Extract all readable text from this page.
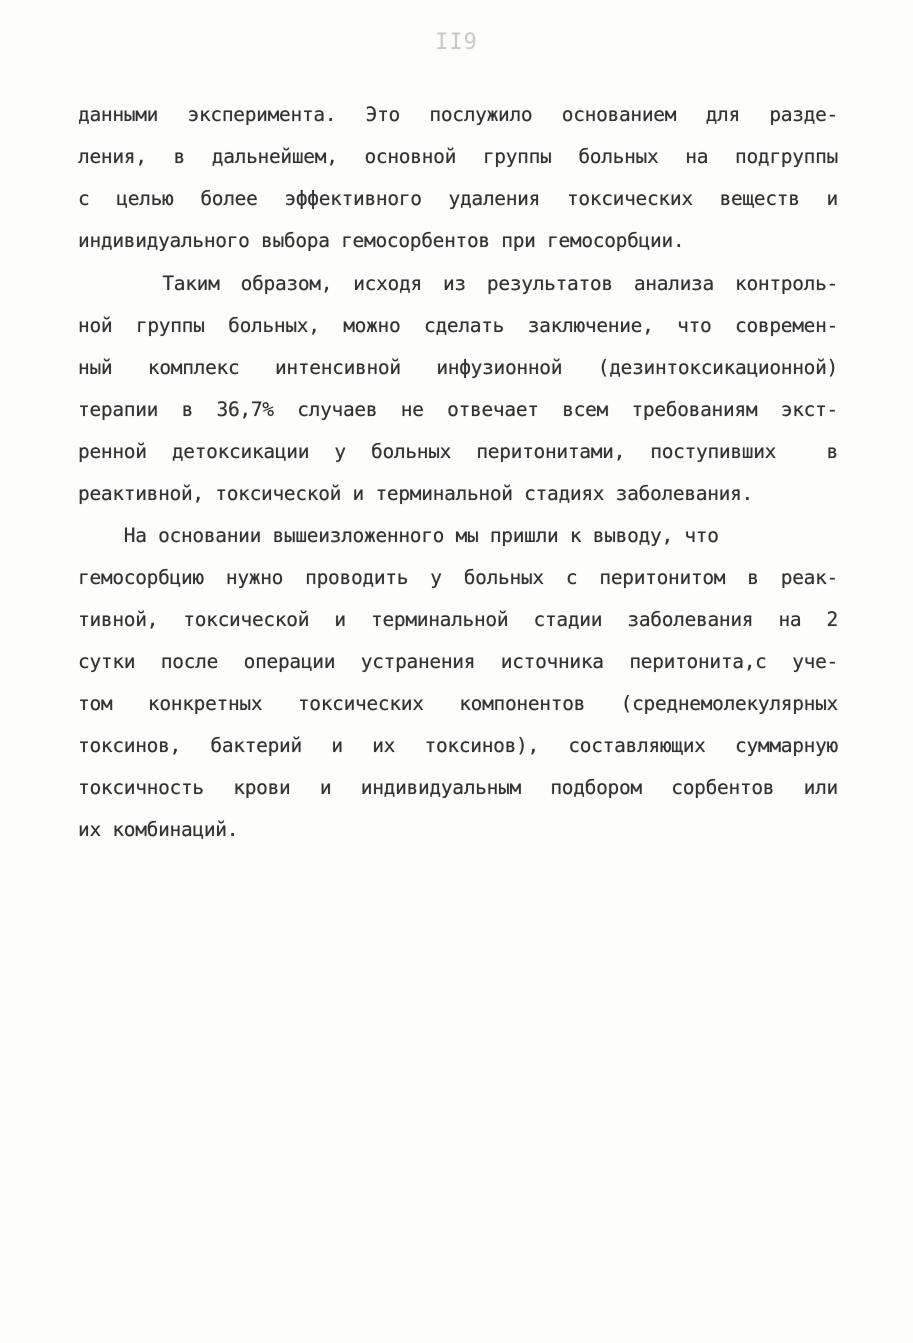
II9
данными эксперимента. Это послужило основанием для разде-
ления, в дальнейшем, основной группы больных на подгруппы
с целью более эффективного удаления токсических веществ и
индивидуального выбора гемосорбентов при гемосорбции.
Таким образом, исходя из результатов анализа контроль-
ной группы больных, можно сделать заключение, что современ-
ный комплекс интенсивной инфузионной (дезинтоксикационной)
терапии в 36,7% случаев не отвечает всем требованиям экст-
ренной детоксикации у больных перитонитами, поступивших  в
реактивной, токсической и терминальной стадиях заболевания.
На основании вышеизложенного мы пришли к выводу, что
гемосорбцию нужно проводить у больных с перитонитом в реак-
тивной, токсической и терминальной стадии заболевания на 2
сутки после операции устранения источника перитонита,с уче-
том конкретных токсических компонентов (среднемолекулярных
токсинов, бактерий и их токсинов), составляющих суммарную
токсичность крови и индивидуальным подбором сорбентов или
их комбинаций.
